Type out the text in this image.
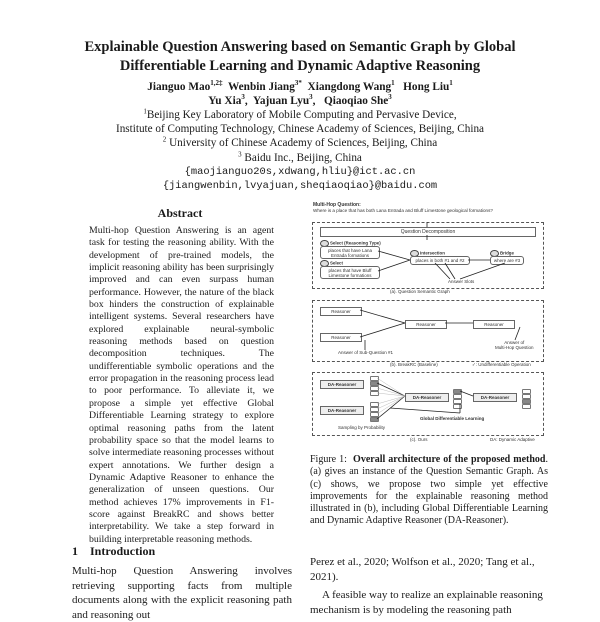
Explainable Question Answering based on Semantic Graph by Global
Differentiable Learning and Dynamic Adaptive Reasoning
Jianguo Mao$^{1,2\ddagger}$ Wenbin Jiang$^{3*}$ Xiangdong Wang$^1$ Hong Liu$^1$
Yu Xia$^3$,  Yajuan Lyu$^3$,   Qiaoqiao She$^3$
$^1$Beijing Key Laboratory of Mobile Computing and Pervasive Device,
Institute of Computing Technology, Chinese Academy of Sciences, Beijing, China
$^2$ University of Chinese Academy of Sciences, Beijing, China
$^3$ Baidu Inc., Beijing, China
{maojianguo20s,xdwang,hliu}@ict.ac.cn
{jiangwenbin,lvyajuan,sheqiaoqiao}@baidu.com
Abstract
Multi-hop Question Answering is an agent task for testing the reasoning ability. With the development of pre-trained models, the implicit reasoning ability has been surprisingly improved and can even surpass human performance. However, the nature of the black box hinders the construction of explainable intelligent systems. Several researchers have explored explainable neural-symbolic reasoning methods based on question decomposition techniques. The undifferentiable symbolic operations and the error propagation in the reasoning process lead to poor performance. To alleviate it, we propose a simple yet effective Global Differentiable Learning strategy to explore optimal reasoning paths from the latent probability space so that the model learns to solve intermediate reasoning processes without expert annotations. We further design a Dynamic Adaptive Reasoner to enhance the generalization of unseen questions. Our method achieves 17% improvements in F1-score against BreakRC and shows better interpretability. We take a step forward in building interpretable reasoning methods.
1 Introduction
Multi-hop Question Answering involves retrieving supporting facts from multiple documents along with the explicit reasoning path and reasoning out
Multi-Hop Question:
Where is a place that has both Lana Entrada and Bluff Limestone geological formations?
Question Decomposition
Select (Reasoning Type)
places that have Lana Entrada formations
Select
places that have Bluff Limestone formations
Intersection
places in both #1 and #2
Bridge
where are #3
Answer Slots
(a). Question Semantic Graph
Reasoner
Reasoner
Reasoner	Reasoner
Answer of Sub-Question #1
Answer of
Multi-Hop Question
(b). BreakRC (Baseline)	✓: Undifferentiable Operation
DA-Reasoner
DA-Reasoner
DA-Reasoner	DA-Reasoner
Sampling by Probability
Global Differentiable Learning
(c). Ours	DA: Dynamic Adaptive
Figure 1: Overall architecture of the proposed method. (a) gives an instance of the Question Semantic Graph. As (c) shows, we propose two simple yet effective improvements for the explainable reasoning method illustrated in (b), including Global Differentiable Learning and Dynamic Adaptive Reasoner (DA-Reasoner).
Perez et al., 2020; Wolfson et al., 2020; Tang et al., 2021).
A feasible way to realize an explainable reasoning mechanism is by modeling the reasoning path
